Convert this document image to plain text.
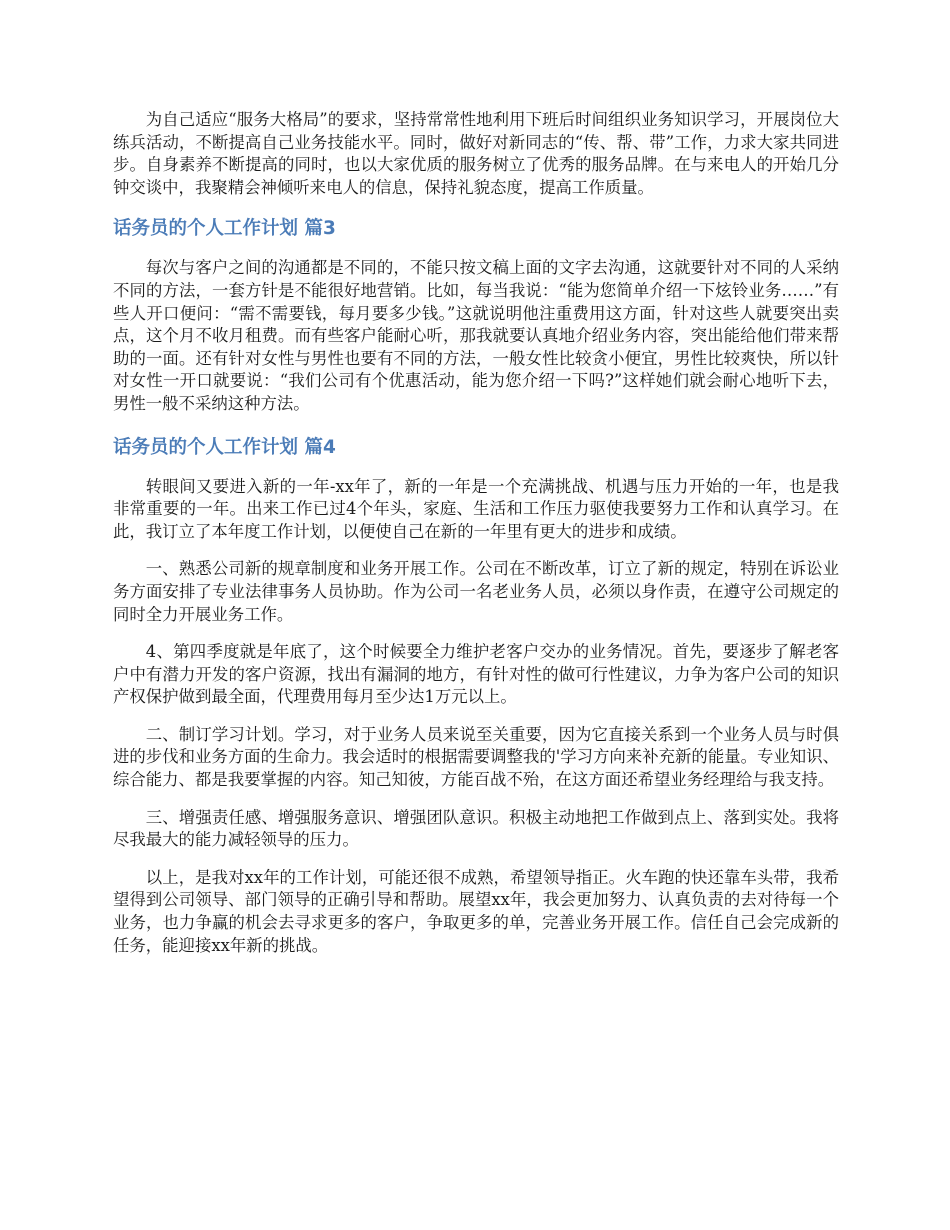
为自己适应“服务大格局”的要求，坚持常常性地利用下班后时间组织业务知识学习，开展岗位大练兵活动，不断提高自己业务技能水平。同时，做好对新同志的“传、帮、带”工作，力求大家共同进步。自身素养不断提高的同时，也以大家优质的服务树立了优秀的服务品牌。在与来电人的开始几分钟交谈中，我聚精会神倾听来电人的信息，保持礼貌态度，提高工作质量。

话务员的个人工作计划 篇3

每次与客户之间的沟通都是不同的，不能只按文稿上面的文字去沟通，这就要针对不同的人采纳不同的方法，一套方针是不能很好地营销。比如，每当我说：“能为您简单介绍一下炫铃业务……”有些人开口便问：“需不需要钱，每月要多少钱。”这就说明他注重费用这方面，针对这些人就要突出卖点，这个月不收月租费。而有些客户能耐心听，那我就要认真地介绍业务内容，突出能给他们带来帮助的一面。还有针对女性与男性也要有不同的方法，一般女性比较贪小便宜，男性比较爽快，所以针对女性一开口就要说：“我们公司有个优惠活动，能为您介绍一下吗?”这样她们就会耐心地听下去，男性一般不采纳这种方法。

话务员的个人工作计划 篇4

转眼间又要进入新的一年-xx年了，新的一年是一个充满挑战、机遇与压力开始的一年，也是我非常重要的一年。出来工作已过4个年头，家庭、生活和工作压力驱使我要努力工作和认真学习。在此，我订立了本年度工作计划，以便使自己在新的一年里有更大的进步和成绩。

一、熟悉公司新的规章制度和业务开展工作。公司在不断改革，订立了新的规定，特别在诉讼业务方面安排了专业法律事务人员协助。作为公司一名老业务人员，必须以身作责，在遵守公司规定的同时全力开展业务工作。

4、第四季度就是年底了，这个时候要全力维护老客户交办的业务情况。首先，要逐步了解老客户中有潜力开发的客户资源，找出有漏洞的地方，有针对性的做可行性建议，力争为客户公司的知识产权保护做到最全面，代理费用每月至少达1万元以上。

二、制订学习计划。学习，对于业务人员来说至关重要，因为它直接关系到一个业务人员与时俱进的步伐和业务方面的生命力。我会适时的根据需要调整我的'学习方向来补充新的能量。专业知识、综合能力、都是我要掌握的内容。知己知彼，方能百战不殆，在这方面还希望业务经理给与我支持。

三、增强责任感、增强服务意识、增强团队意识。积极主动地把工作做到点上、落到实处。我将尽我最大的能力减轻领导的压力。

以上，是我对xx年的工作计划，可能还很不成熟，希望领导指正。火车跑的快还靠车头带，我希望得到公司领导、部门领导的正确引导和帮助。展望xx年，我会更加努力、认真负责的去对待每一个业务，也力争赢的机会去寻求更多的客户，争取更多的单，完善业务开展工作。信任自己会完成新的任务，能迎接xx年新的挑战。
